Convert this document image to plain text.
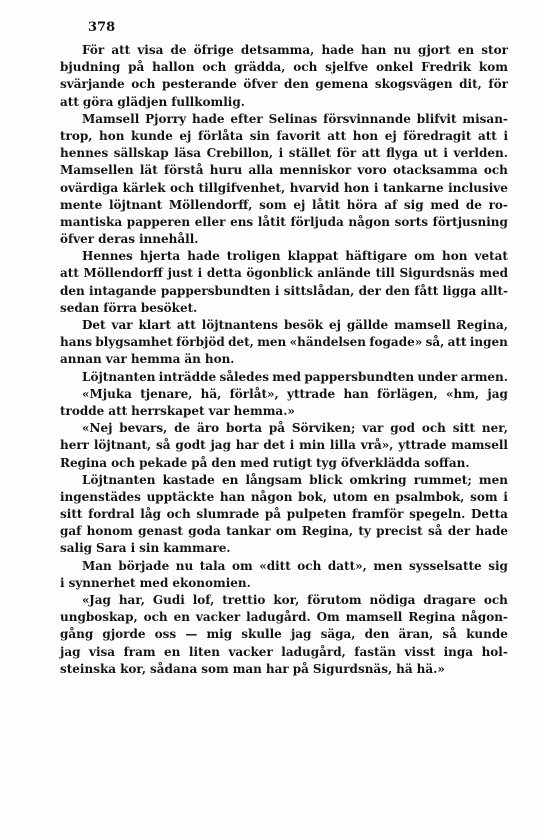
378
För att visa de öfrige detsamma, hade han nu gjort en stor
bjudning på hallon och grädda, och sjelfve onkel Fredrik kom
svärjande och pesterande öfver den gemena skogsvägen dit, för
att göra glädjen fullkomlig.
Mamsell Pjorry hade efter Selinas försvinnande blifvit misan-
trop, hon kunde ej förlåta sin favorit att hon ej föredragit att i
hennes sällskap läsa Crebillon, i stället för att flyga ut i verlden.
Mamsellen lät förstå huru alla menniskor voro otacksamma och
ovärdiga kärlek och tillgifvenhet, hvarvid hon i tankarne inclusive
mente löjtnant Möllendorff, som ej låtit höra af sig med de ro-
mantiska papperen eller ens låtit förljuda någon sorts förtjusning
öfver deras innehåll.
Hennes hjerta hade troligen klappat häftigare om hon vetat
att Möllendorff just i detta ögonblick anlände till Sigurdsnäs med
den intagande pappersbundten i sittslådan, der den fått ligga allt-
sedan förra besöket.
Det var klart att löjtnantens besök ej gällde mamsell Regina,
hans blygsamhet förbjöd det, men «händelsen fogade» så, att ingen
annan var hemma än hon.
Löjtnanten inträdde således med pappersbundten under armen.
«Mjuka tjenare, hä, förlåt», yttrade han förlägen, «hm, jag
trodde att herrskapet var hemma.»
«Nej bevars, de äro borta på Sörviken; var god och sitt ner,
herr löjtnant, så godt jag har det i min lilla vrå», yttrade mamsell
Regina och pekade på den med rutigt tyg öfverklädda soffan.
Löjtnanten kastade en långsam blick omkring rummet; men
ingenstädes upptäckte han någon bok, utom en psalmbok, som i
sitt fordral låg och slumrade på pulpeten framför spegeln. Detta
gaf honom genast goda tankar om Regina, ty precist så der hade
salig Sara i sin kammare.
Man började nu tala om «ditt och datt», men sysselsatte sig
i synnerhet med ekonomien.
«Jag har, Gudi lof, trettio kor, förutom nödiga dragare och
ungboskap, och en vacker ladugård. Om mamsell Regina någon-
gång gjorde oss — mig skulle jag säga, den äran, så kunde
jag visa fram en liten vacker ladugård, fastän visst inga hol-
steinska kor, sådana som man har på Sigurdsnäs, hä hä.»
